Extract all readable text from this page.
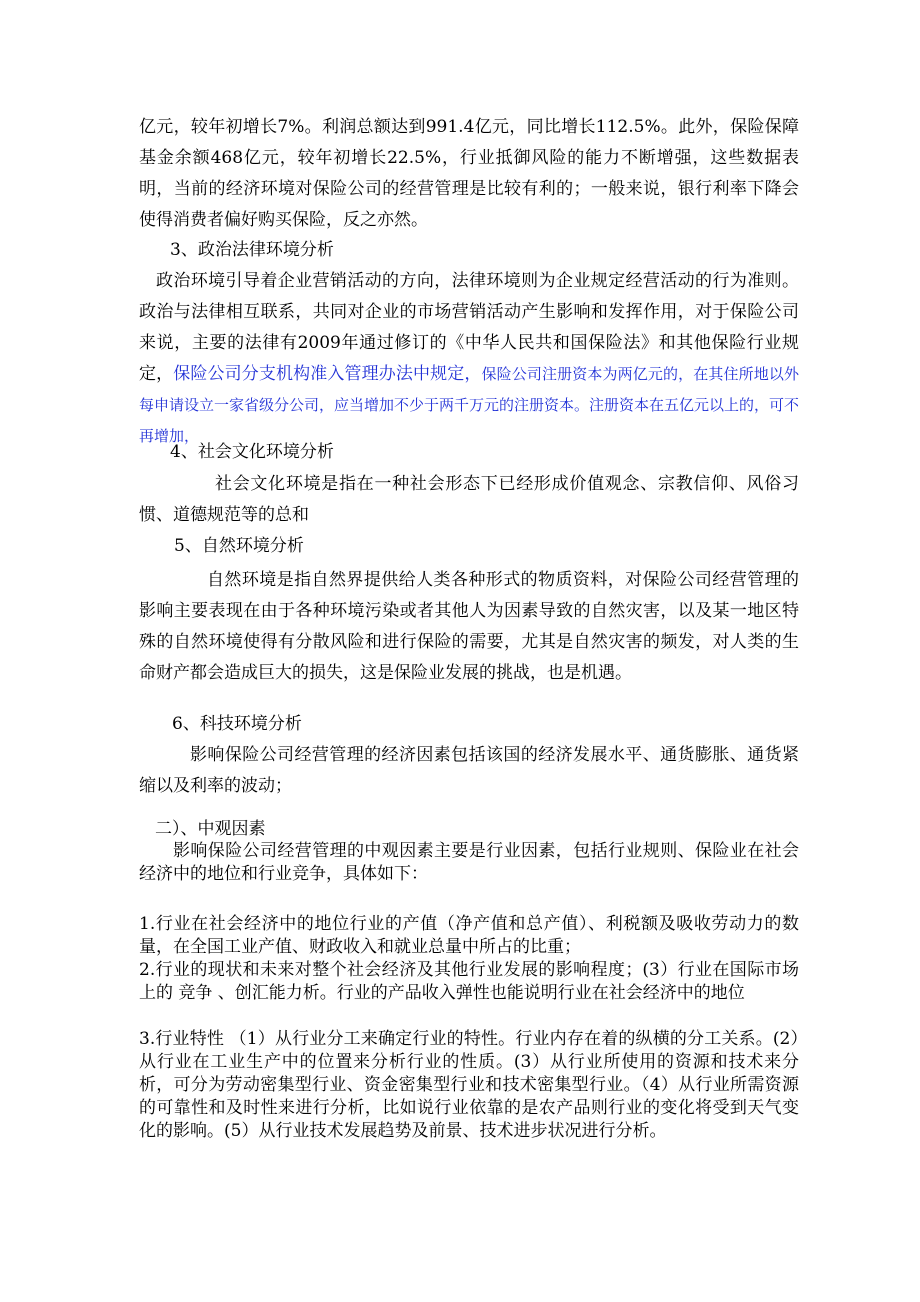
亿元，较年初增长7%。利润总额达到991.4亿元，同比增长112.5%。此外，保险保障基金余额468亿元，较年初增长22.5%，行业抵御风险的能力不断增强，这些数据表明，当前的经济环境对保险公司的经营管理是比较有利的；一般来说，银行利率下降会使得消费者偏好购买保险，反之亦然。

3、政治法律环境分析

政治环境引导着企业营销活动的方向，法律环境则为企业规定经营活动的行为准则。政治与法律相互联系，共同对企业的市场营销活动产生影响和发挥作用，对于保险公司来说，主要的法律有2009年通过修订的《中华人民共和国保险法》和其他保险行业规定，保险公司分支机构准入管理办法中规定，保险公司注册资本为两亿元的，在其住所地以外每申请设立一家省级分公司，应当增加不少于两千万元的注册资本。注册资本在五亿元以上的，可不再增加，

4、社会文化环境分析

社会文化环境是指在一种社会形态下已经形成价值观念、宗教信仰、风俗习惯、道德规范等的总和

5、自然环境分析

自然环境是指自然界提供给人类各种形式的物质资料，对保险公司经营管理的影响主要表现在由于各种环境污染或者其他人为因素导致的自然灾害，以及某一地区特殊的自然环境使得有分散风险和进行保险的需要，尤其是自然灾害的频发，对人类的生命财产都会造成巨大的损失，这是保险业发展的挑战，也是机遇。

6、科技环境分析

影响保险公司经营管理的经济因素包括该国的经济发展水平、通货膨胀、通货紧缩以及利率的波动；

二）、中观因素

影响保险公司经营管理的中观因素主要是行业因素，包括行业规则、保险业在社会经济中的地位和行业竞争，具体如下：

1.行业在社会经济中的地位行业的产值（净产值和总产值）、利税额及吸收劳动力的数量，在全国工业产值、财政收入和就业总量中所占的比重；

2.行业的现状和未来对整个社会经济及其他行业发展的影响程度；(3）行业在国际市场上的 竞争 、创汇能力析。行业的产品收入弹性也能说明行业在社会经济中的地位

3.行业特性 （1）从行业分工来确定行业的特性。行业内存在着的纵横的分工关系。(2）从行业在工业生产中的位置来分析行业的性质。(3）从行业所使用的资源和技术来分析，可分为劳动密集型行业、资金密集型行业和技术密集型行业。（4）从行业所需资源的可靠性和及时性来进行分析，比如说行业依靠的是农产品则行业的变化将受到天气变化的影响。(5）从行业技术发展趋势及前景、技术进步状况进行分析。
